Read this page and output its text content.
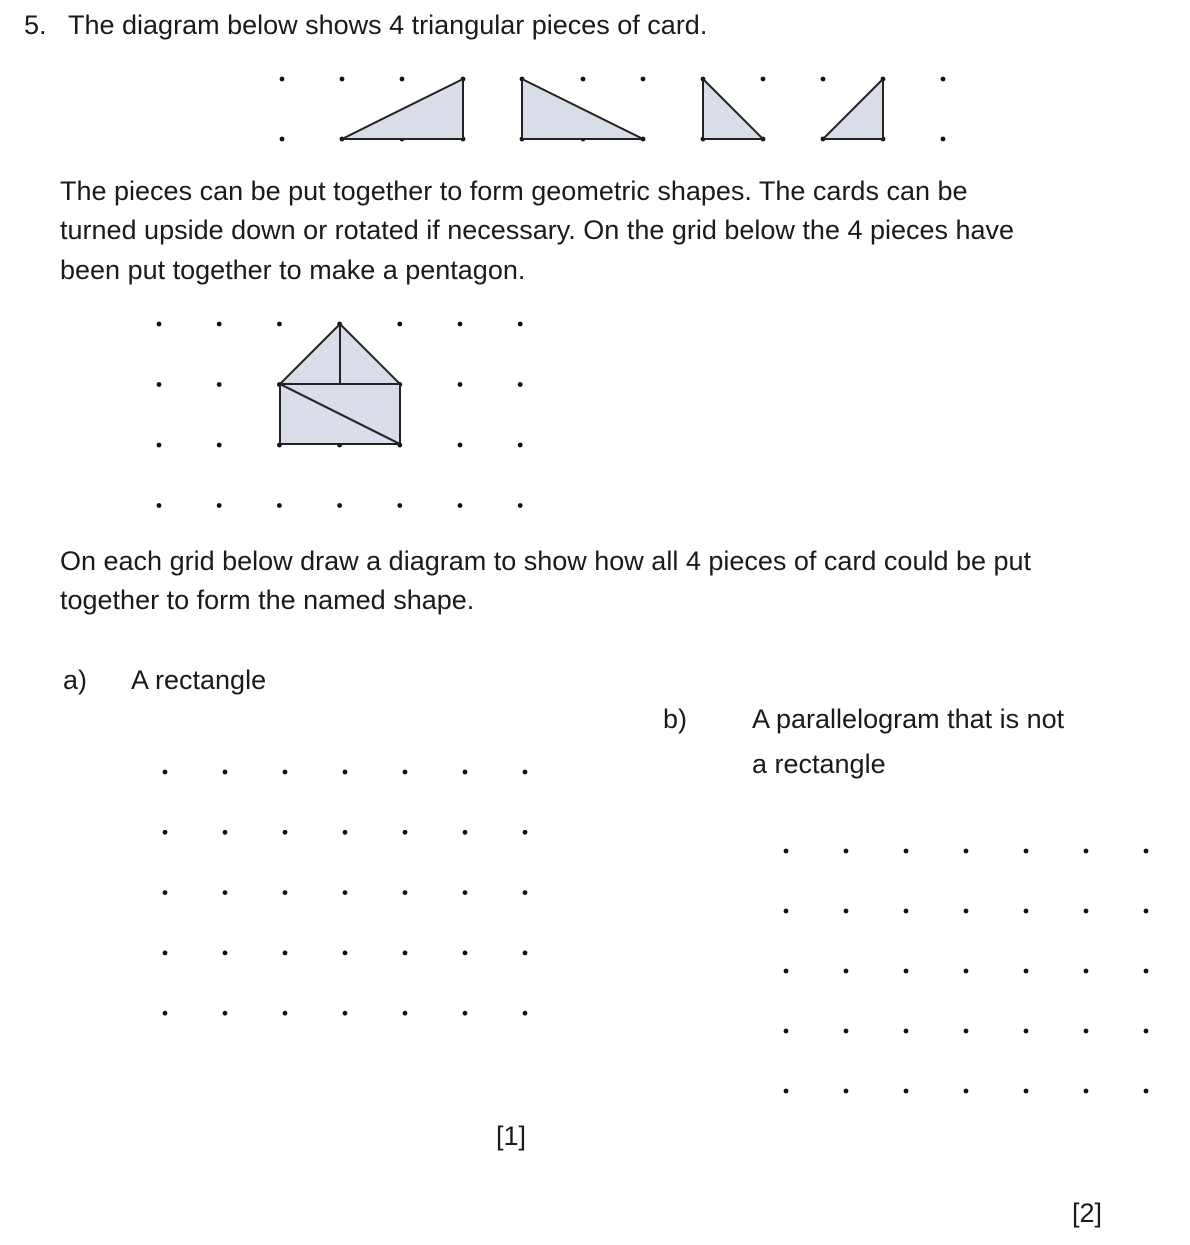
5. The diagram below shows 4 triangular pieces of card.
The pieces can be put together to form geometric shapes. The cards can be
turned upside down or rotated if necessary. On the grid below the 4 pieces have
been put together to make a pentagon.
On each grid below draw a diagram to show how all 4 pieces of card could be put
together to form the named shape.
a) A rectangle
[1]
b) A parallelogram that is not
a rectangle
[2]
